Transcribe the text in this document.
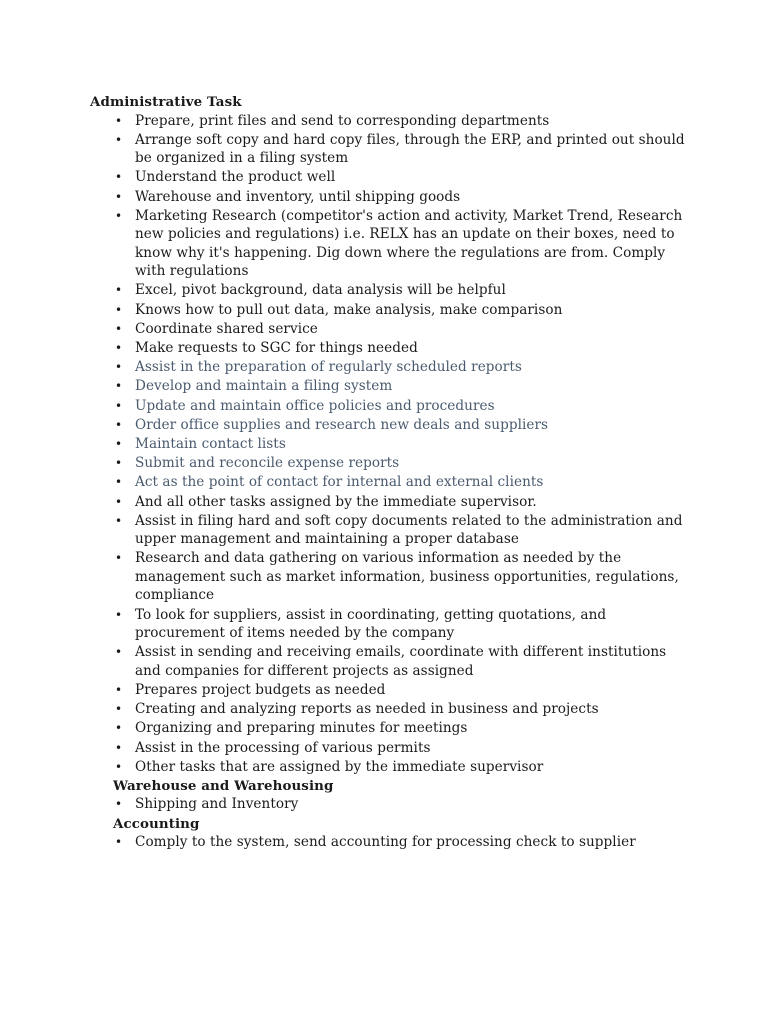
Administrative Task
• Prepare, print files and send to corresponding departments
• Arrange soft copy and hard copy files, through the ERP, and printed out should be organized in a filing system
• Understand the product well
• Warehouse and inventory, until shipping goods
• Marketing Research (competitor's action and activity, Market Trend, Research new policies and regulations) i.e. RELX has an update on their boxes, need to know why it's happening. Dig down where the regulations are from. Comply with regulations
• Excel, pivot background, data analysis will be helpful
• Knows how to pull out data, make analysis, make comparison
• Coordinate shared service
• Make requests to SGC for things needed
• Assist in the preparation of regularly scheduled reports
• Develop and maintain a filing system
• Update and maintain office policies and procedures
• Order office supplies and research new deals and suppliers
• Maintain contact lists
• Submit and reconcile expense reports
• Act as the point of contact for internal and external clients
• And all other tasks assigned by the immediate supervisor.
• Assist in filing hard and soft copy documents related to the administration and upper management and maintaining a proper database
• Research and data gathering on various information as needed by the management such as market information, business opportunities, regulations, compliance
• To look for suppliers, assist in coordinating, getting quotations, and procurement of items needed by the company
• Assist in sending and receiving emails, coordinate with different institutions and companies for different projects as assigned
• Prepares project budgets as needed
• Creating and analyzing reports as needed in business and projects
• Organizing and preparing minutes for meetings
• Assist in the processing of various permits
• Other tasks that are assigned by the immediate supervisor
Warehouse and Warehousing
• Shipping and Inventory
Accounting
• Comply to the system, send accounting for processing check to supplier
